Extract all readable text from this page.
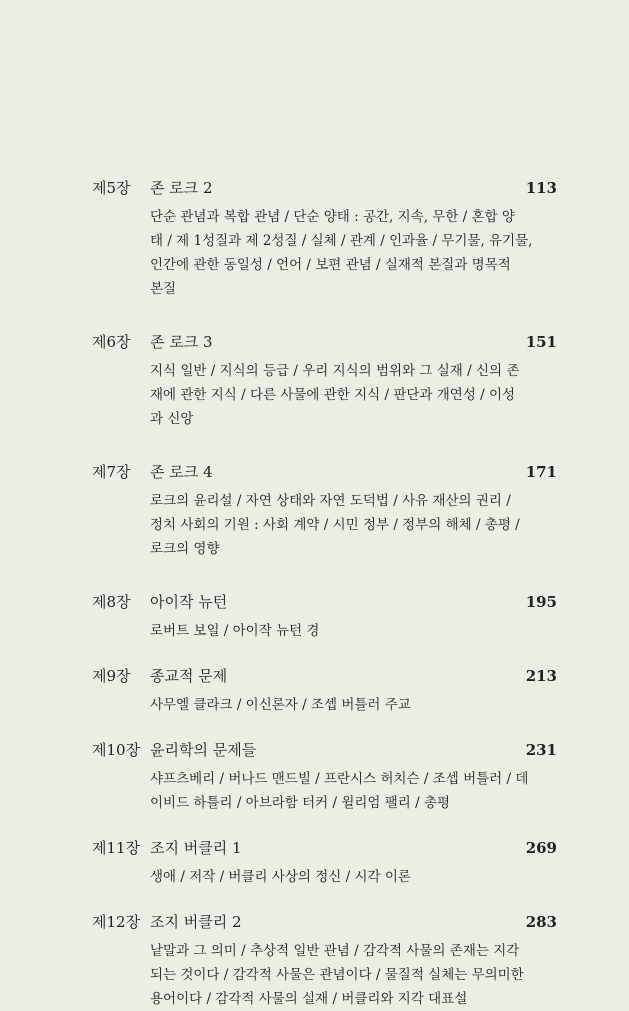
제5장	존 로크 2	113
단순 관념과 복합 관념 / 단순 양태 : 공간, 지속, 무한 / 혼합 양
태 / 제 1성질과 제 2성질 / 실체 / 관계 / 인과율 / 무기물, 유기물,
인간에 관한 동일성 / 언어 / 보편 관념 / 실재적 본질과 명목적
본질
제6장	존 로크 3	151
지식 일반 / 지식의 등급 / 우리 지식의 범위와 그 실재 / 신의 존
재에 관한 지식 / 다른 사물에 관한 지식 / 판단과 개연성 / 이성
과 신앙
제7장	존 로크 4	171
로크의 윤리설 / 자연 상태와 자연 도덕법 / 사유 재산의 권리 /
정치 사회의 기원 : 사회 계약 / 시민 정부 / 정부의 해체 / 총평 /
로크의 영향
제8장	아이작 뉴턴	195
로버트 보일 / 아이작 뉴턴 경
제9장	종교적 문제	213
사무엘 클라크 / 이신론자 / 조셉 버틀러 주교
제10장 윤리학의 문제들	231
샤프츠베리 / 버나드 맨드빌 / 프란시스 허치슨 / 조셉 버틀러 / 데
이비드 하틀리 / 아브라함 터커 / 윌리엄 팰리 / 총평
제11장 조지 버클리 1	269
생애 / 저작 / 버클리 사상의 정신 / 시각 이론
제12장 조지 버클리 2	283
낱말과 그 의미 / 추상적 일반 관념 / 감각적 사물의 존재는 지각
되는 것이다 / 감각적 사물은 관념이다 / 물질적 실체는 무의미한
용어이다 / 감각적 사물의 실재 / 버클리와 지각 대표설
